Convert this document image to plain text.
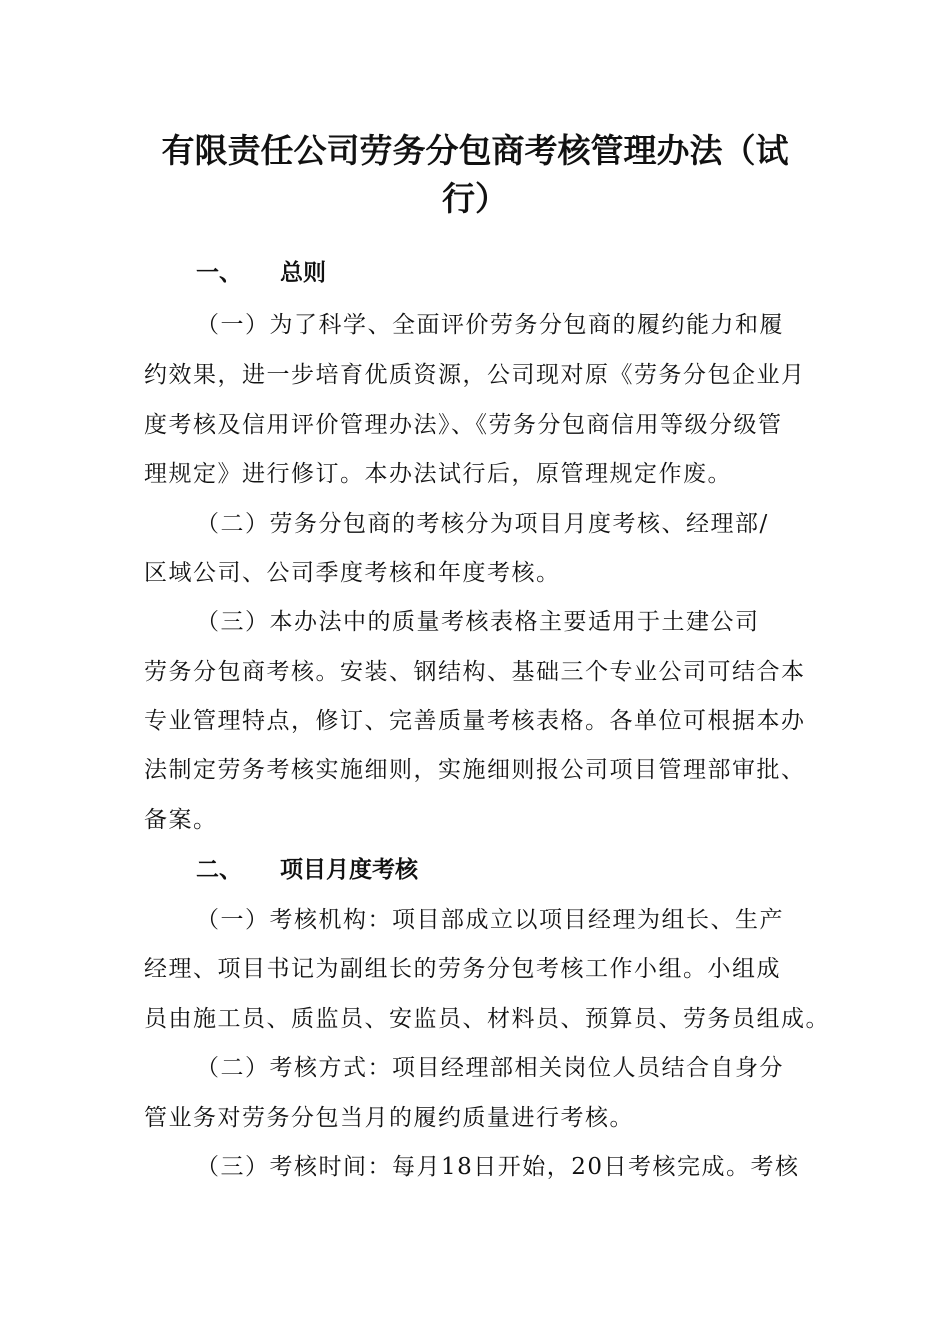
有限责任公司劳务分包商考核管理办法（试
行）
一、 总则
（一）为了科学、全面评价劳务分包商的履约能力和履
约效果，进一步培育优质资源，公司现对原《劳务分包企业月
度考核及信用评价管理办法》、《劳务分包商信用等级分级管
理规定》进行修订。本办法试行后，原管理规定作废。
（二）劳务分包商的考核分为项目月度考核、经理部/
区域公司、公司季度考核和年度考核。
（三）本办法中的质量考核表格主要适用于土建公司
劳务分包商考核。安装、钢结构、基础三个专业公司可结合本
专业管理特点，修订、完善质量考核表格。各单位可根据本办
法制定劳务考核实施细则，实施细则报公司项目管理部审批、
备案。
二、 项目月度考核
（一）考核机构：项目部成立以项目经理为组长、生产
经理、项目书记为副组长的劳务分包考核工作小组。小组成
员由施工员、质监员、安监员、材料员、预算员、劳务员组成。
（二）考核方式：项目经理部相关岗位人员结合自身分
管业务对劳务分包当月的履约质量进行考核。
（三）考核时间：每月18日开始，20日考核完成。考核
